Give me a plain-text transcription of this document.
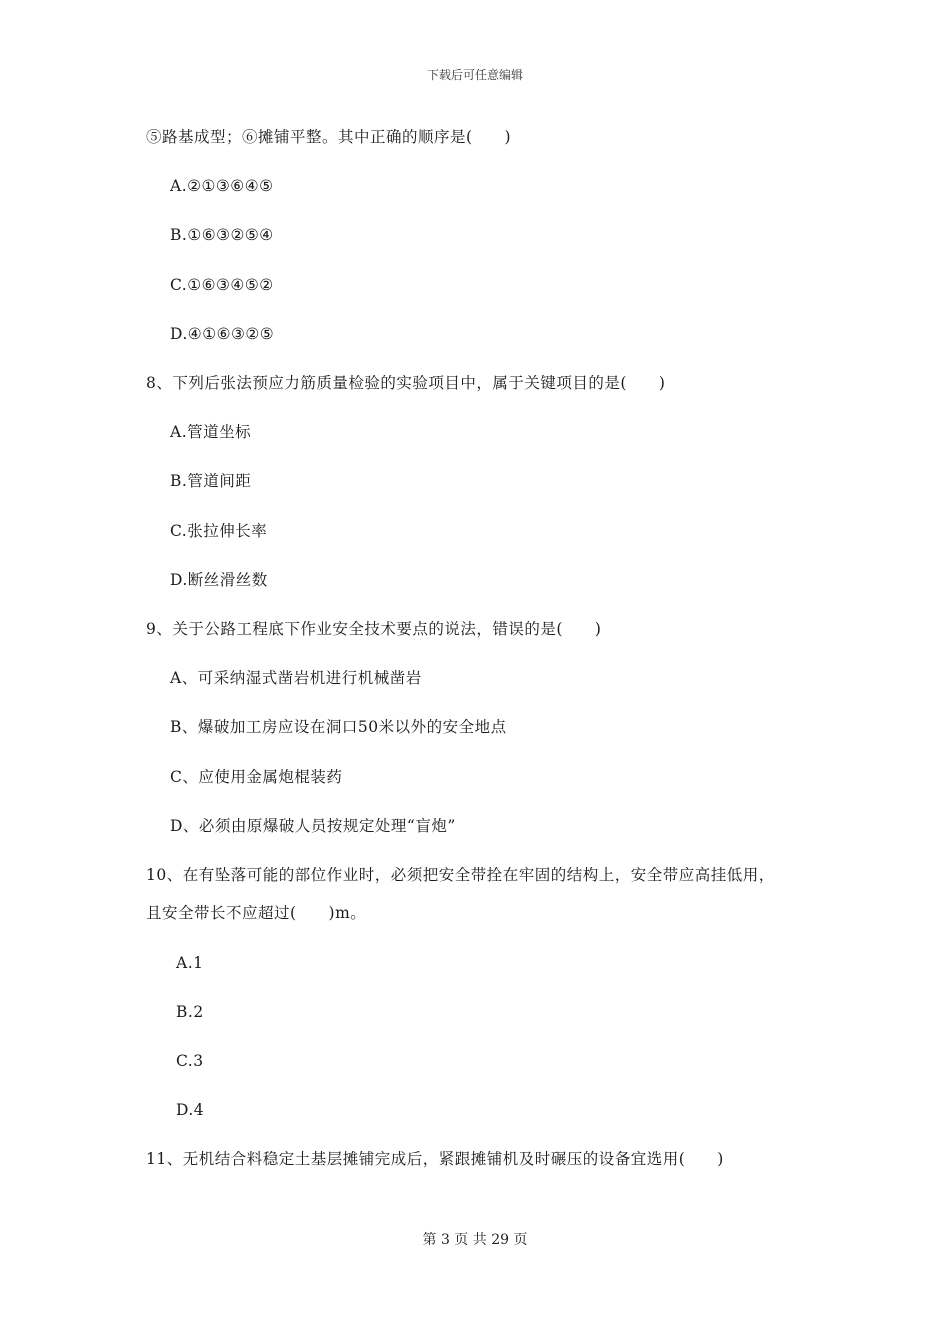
下载后可任意编辑
⑤路基成型；⑥摊铺平整。其中正确的顺序是(　　)
A.②①③⑥④⑤
B.①⑥③②⑤④
C.①⑥③④⑤②
D.④①⑥③②⑤
8、下列后张法预应力筋质量检验的实验项目中，属于关键项目的是(　　)
A.管道坐标
B.管道间距
C.张拉伸长率
D.断丝滑丝数
9、关于公路工程底下作业安全技术要点的说法，错误的是(　　)
A、可采纳湿式凿岩机进行机械凿岩
B、爆破加工房应设在洞口50米以外的安全地点
C、应使用金属炮棍装药
D、必须由原爆破人员按规定处理“盲炮”
10、在有坠落可能的部位作业时，必须把安全带拴在牢固的结构上，安全带应高挂低用，
且安全带长不应超过(　　)m。
A.1
B.2
C.3
D.4
11、无机结合料稳定土基层摊铺完成后，紧跟摊铺机及时碾压的设备宜选用(　　)
第 3 页 共 29 页
